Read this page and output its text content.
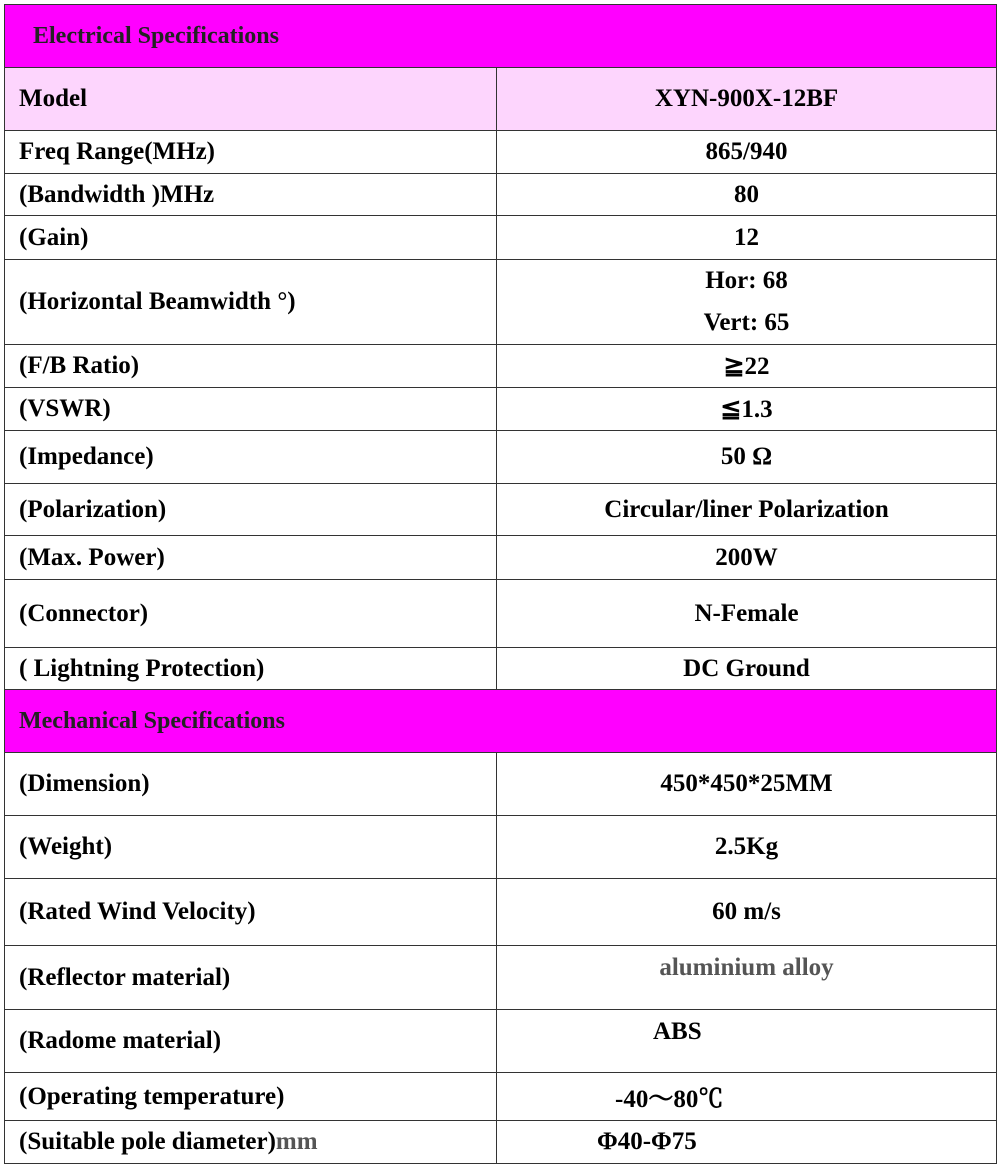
Electrical Specifications	
Model	XYN-900X-12BF
Freq Range(MHz)	865/940
(Bandwidth )MHz	80
(Gain)	12
(Horizontal Beamwidth °)	Hor: 68
Vert: 65

(F/B Ratio)	≧22
(VSWR)	≦1.3
(Impedance)	50 Ω
(Polarization)	Circular/liner Polarization
(Max. Power)	200W
(Connector)	N-Female
( Lightning Protection)	DC Ground
Mechanical Specifications	
(Dimension)	450*450*25MM
(Weight)	2.5Kg
(Rated Wind Velocity)	60 m/s
(Reflector material)	aluminium alloy
(Radome material)	ABS
(Operating temperature)	-40～80℃
(Suitable pole diameter)mm	Φ40-Φ75
